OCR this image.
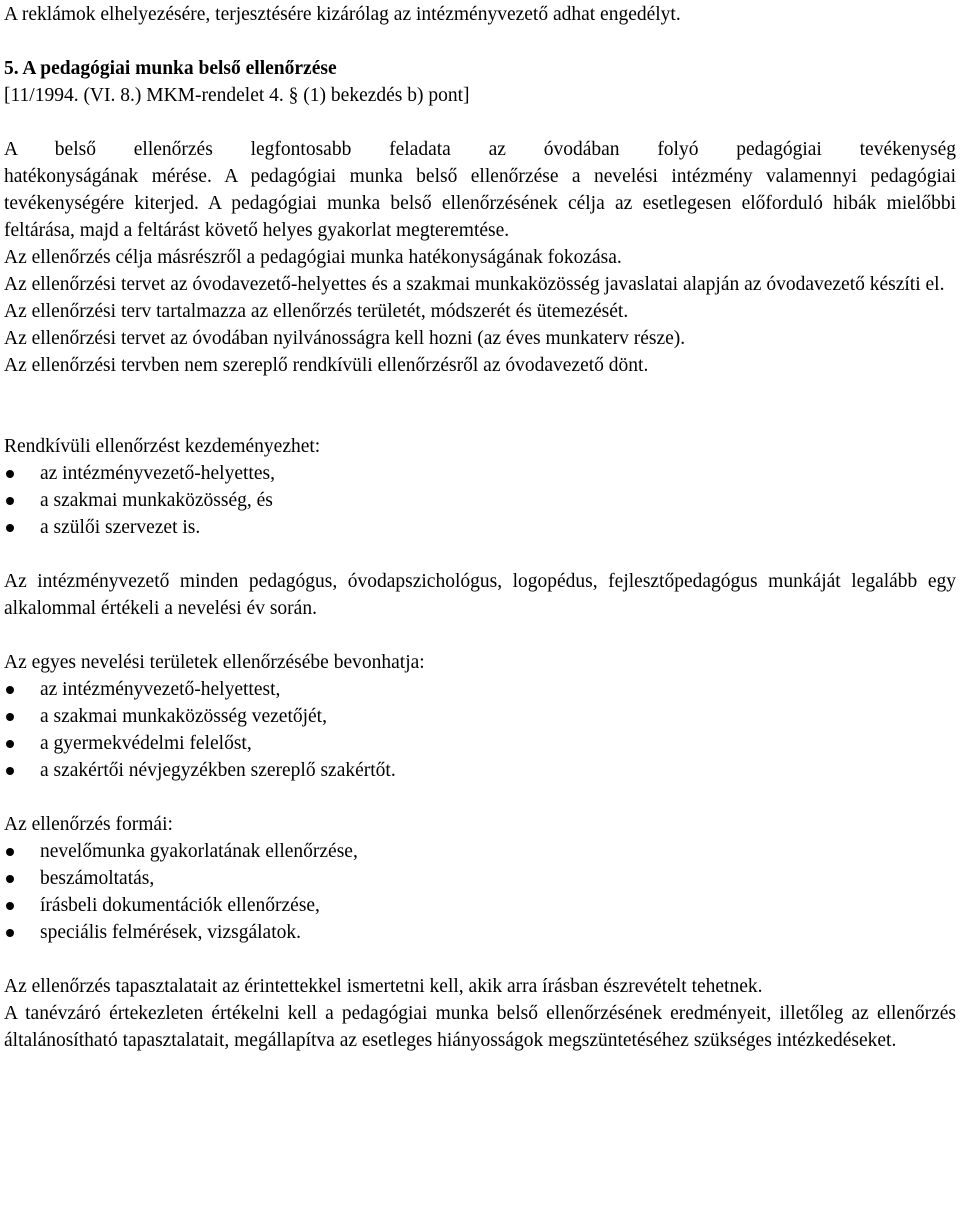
A reklámok elhelyezésére, terjesztésére kizárólag az intézményvezető adhat engedélyt.

5. A pedagógiai munka belső ellenőrzése

[11/1994. (VI. 8.) MKM-rendelet 4. § (1) bekezdés b) pont]

A belső ellenőrzés legfontosabb feladata az óvodában folyó pedagógiai tevékenység

hatékonyságának mérése. A pedagógiai munka belső ellenőrzése a nevelési intézmény valamennyi pedagógiai tevékenységére kiterjed. A pedagógiai munka belső ellenőrzésének célja az esetlegesen előforduló hibák mielőbbi feltárása, majd a feltárást követő helyes gyakorlat megteremtése.

Az ellenőrzés célja másrészről a pedagógiai munka hatékonyságának fokozása.

Az ellenőrzési tervet az óvodavezető-helyettes és a szakmai munkaközösség javaslatai alapján az óvodavezető készíti el.

Az ellenőrzési terv tartalmazza az ellenőrzés területét, módszerét és ütemezését.

Az ellenőrzési tervet az óvodában nyilvánosságra kell hozni (az éves munkaterv része).

Az ellenőrzési tervben nem szereplő rendkívüli ellenőrzésről az óvodavezető dönt.

Rendkívüli ellenőrzést kezdeményezhet:

az intézményvezető-helyettes,
a szakmai munkaközösség, és
a szülői szervezet is.

Az intézményvezető minden pedagógus, óvodapszichológus, logopédus, fejlesztőpedagógus munkáját legalább egy alkalommal értékeli a nevelési év során.

Az egyes nevelési területek ellenőrzésébe bevonhatja:

az intézményvezető-helyettest,
a szakmai munkaközösség vezetőjét,
a gyermekvédelmi felelőst,
a szakértői névjegyzékben szereplő szakértőt.

Az ellenőrzés formái:

nevelőmunka gyakorlatának ellenőrzése,
beszámoltatás,
írásbeli dokumentációk ellenőrzése,
speciális felmérések, vizsgálatok.

Az ellenőrzés tapasztalatait az érintettekkel ismertetni kell, akik arra írásban észrevételt tehetnek.

A tanévzáró értekezleten értékelni kell a pedagógiai munka belső ellenőrzésének eredményeit, illetőleg az ellenőrzés általánosítható tapasztalatait, megállapítva az esetleges hiányosságok megszüntetéséhez szükséges intézkedéseket.
